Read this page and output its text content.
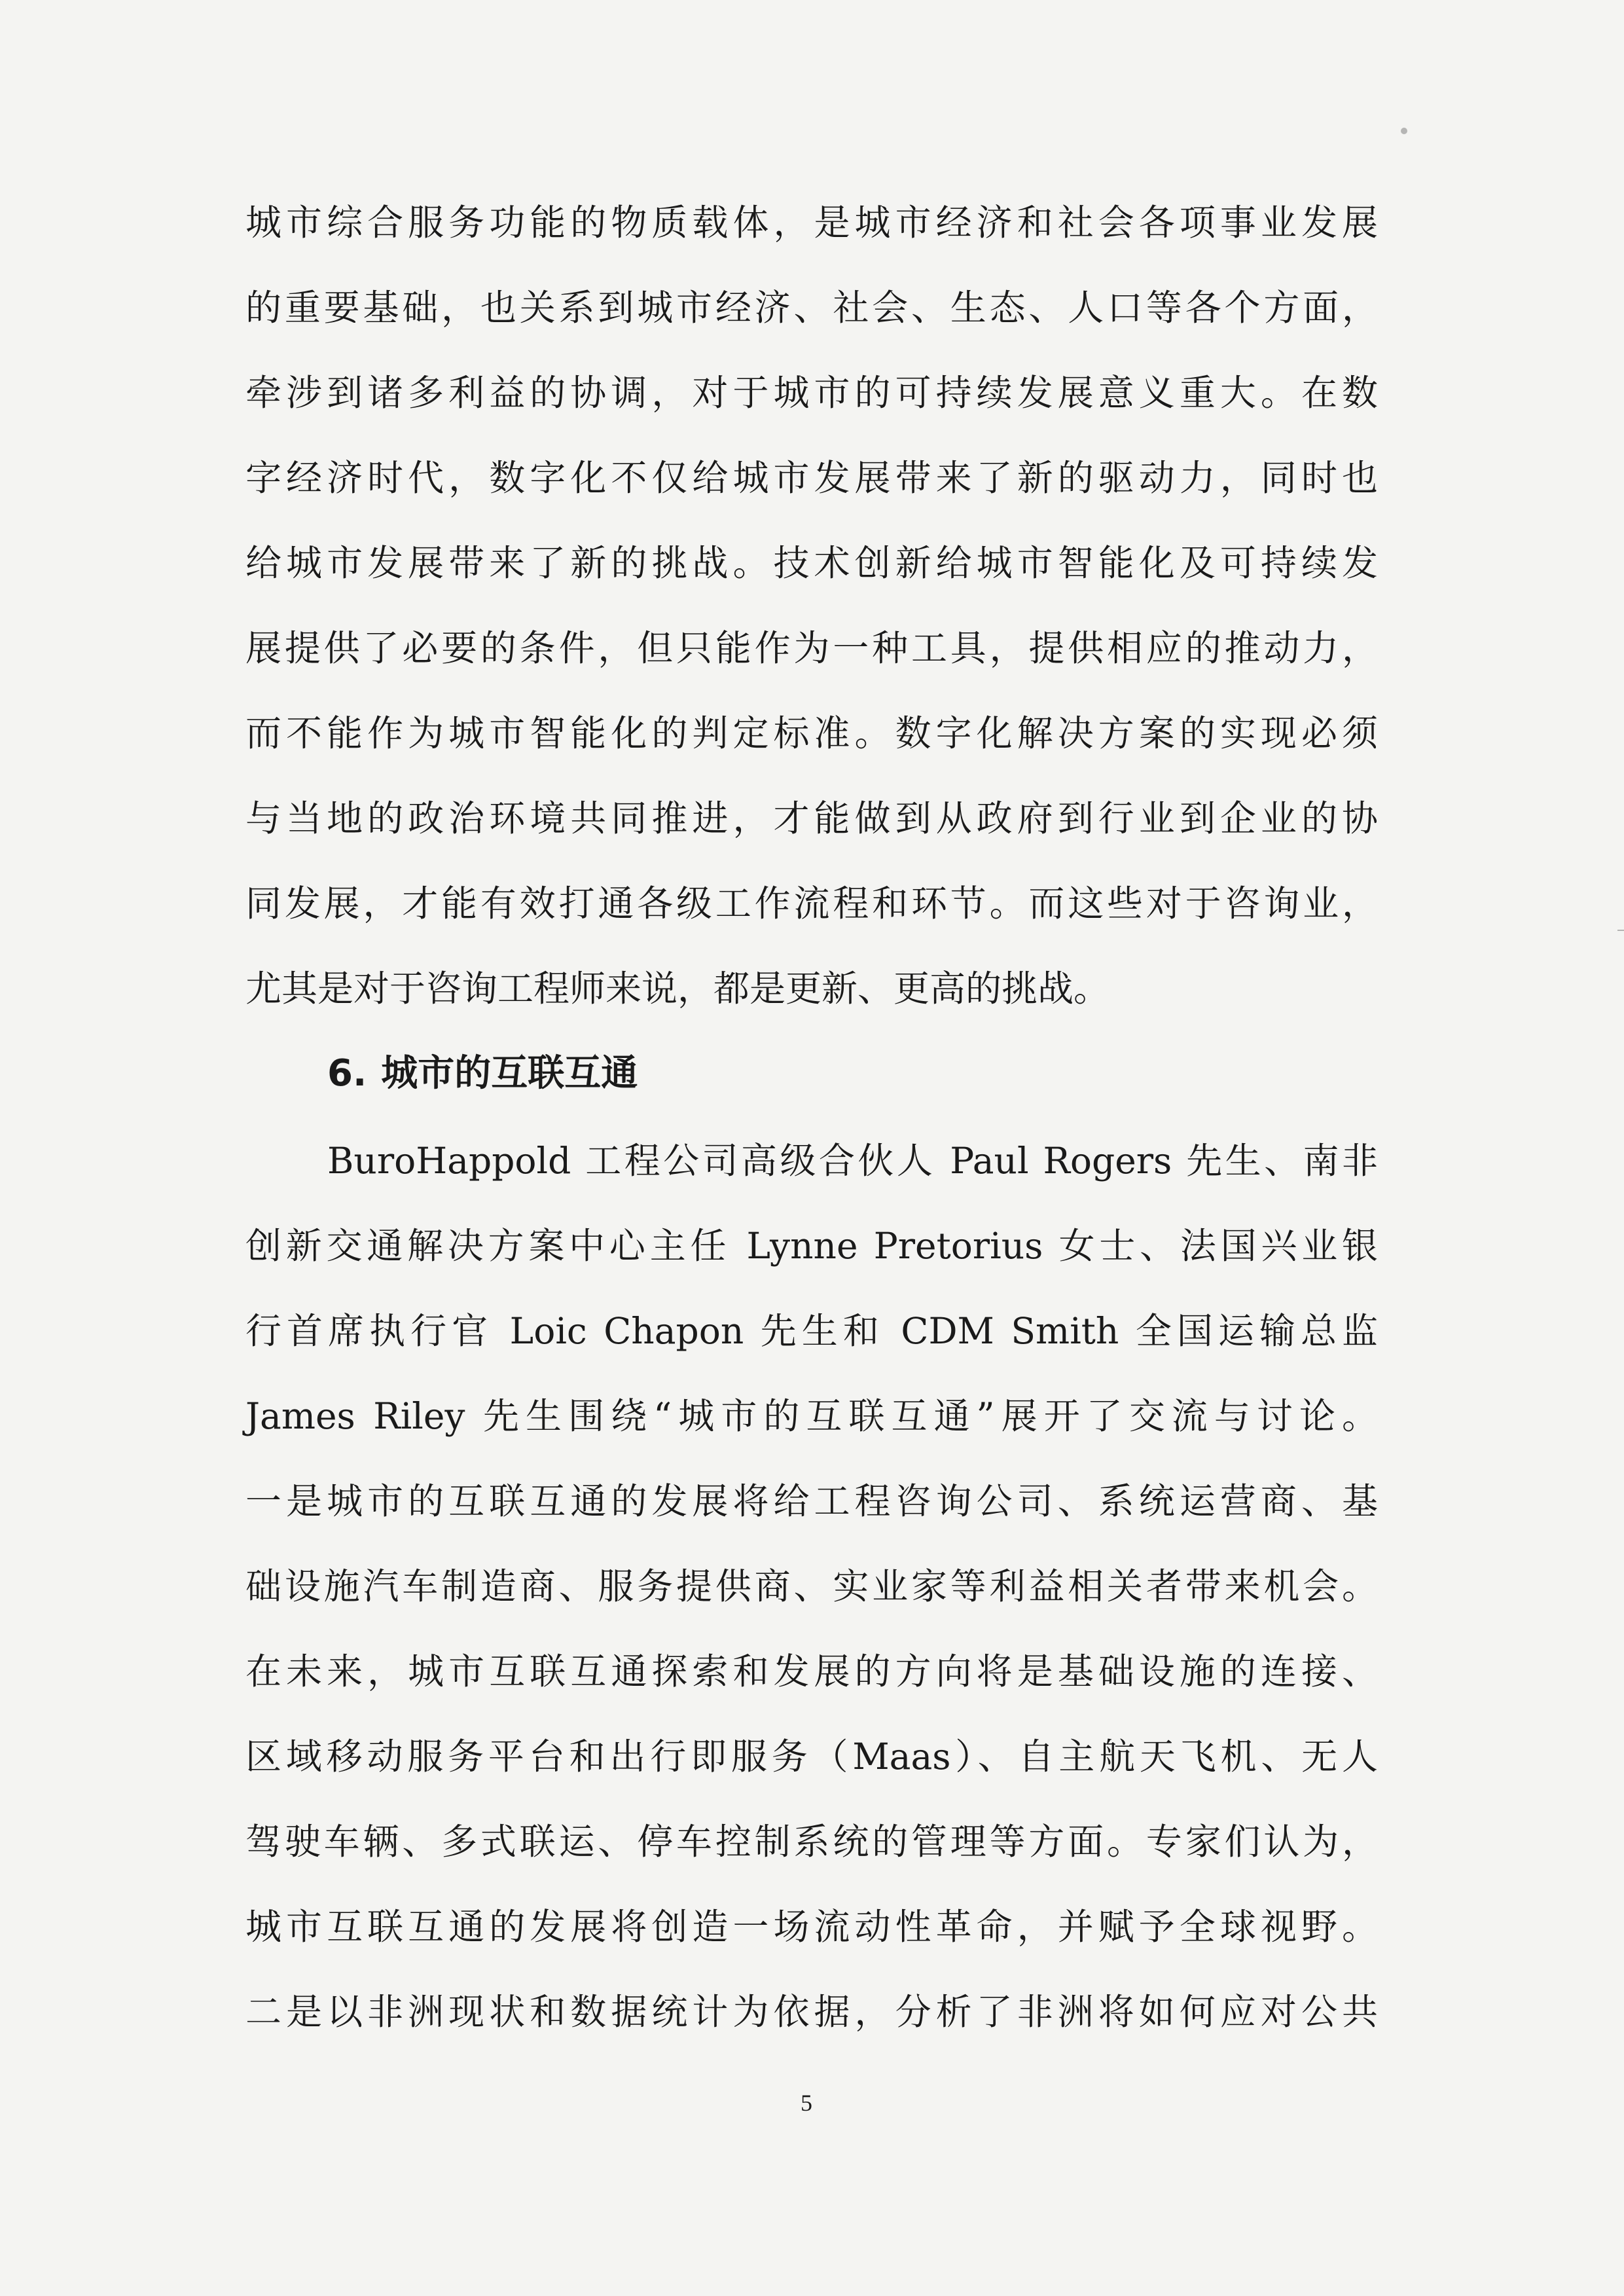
城市综合服务功能的物质载体，是城市经济和社会各项事业发展
的重要基础，也关系到城市经济、社会、生态、人口等各个方面，
牵涉到诸多利益的协调，对于城市的可持续发展意义重大。在数
字经济时代，数字化不仅给城市发展带来了新的驱动力，同时也
给城市发展带来了新的挑战。技术创新给城市智能化及可持续发
展提供了必要的条件，但只能作为一种工具，提供相应的推动力，
而不能作为城市智能化的判定标准。数字化解决方案的实现必须
与当地的政治环境共同推进，才能做到从政府到行业到企业的协
同发展，才能有效打通各级工作流程和环节。而这些对于咨询业，
尤其是对于咨询工程师来说，都是更新、更高的挑战。
6. 城市的互联互通
BuroHappold 工程公司高级合伙人 Paul Rogers 先生、南非
创新交通解决方案中心主任 Lynne Pretorius 女士、法国兴业银
行首席执行官 Loic Chapon 先生和 CDM Smith 全国运输总监
James Riley 先生围绕“城市的互联互通”展开了交流与讨论。
一是城市的互联互通的发展将给工程咨询公司、系统运营商、基
础设施汽车制造商、服务提供商、实业家等利益相关者带来机会。
在未来，城市互联互通探索和发展的方向将是基础设施的连接、
区域移动服务平台和出行即服务（Maas）、自主航天飞机、无人
驾驶车辆、多式联运、停车控制系统的管理等方面。专家们认为，
城市互联互通的发展将创造一场流动性革命，并赋予全球视野。
二是以非洲现状和数据统计为依据，分析了非洲将如何应对公共
5
